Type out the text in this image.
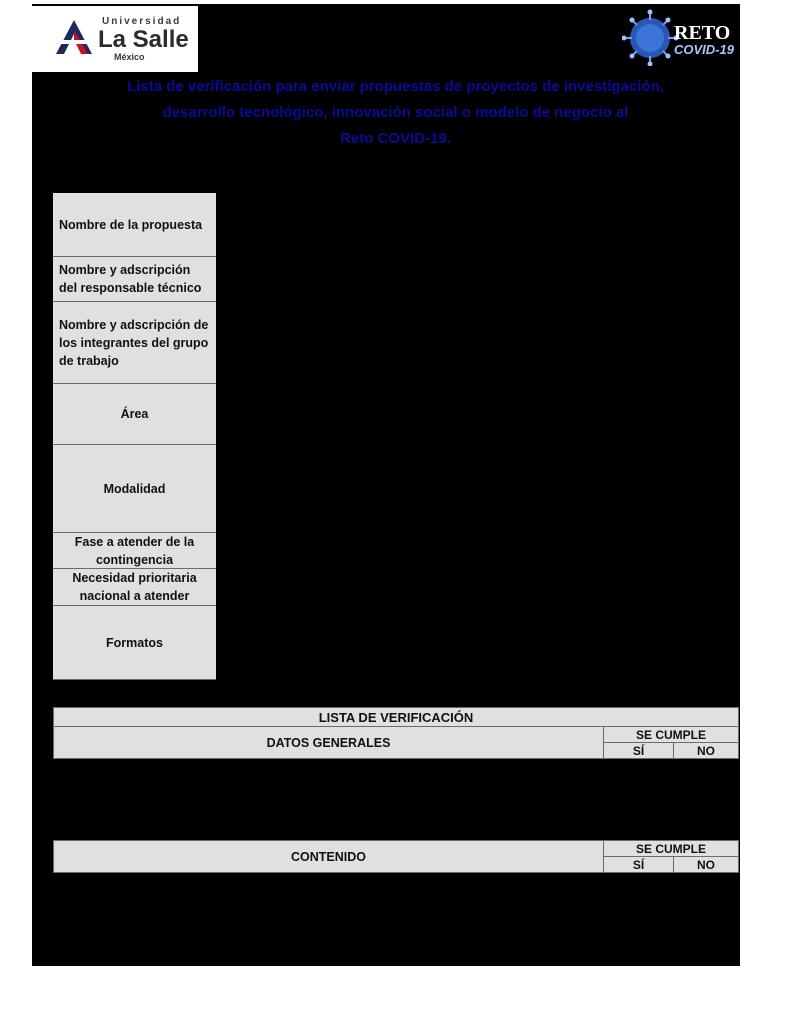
Universidad
La Salle
México
RETO
COVID-19
Lista de verificación para enviar propuestas de proyectos de investigación,
desarrollo tecnológico, innovación social o modelo de negocio al
Reto COVID-19.
Nombre de la propuesta
Nombre y adscripción del responsable técnico
Nombre y adscripción de los integrantes del grupo de trabajo
Área
Modalidad
Fase a atender de la contingencia
Necesidad prioritaria nacional a atender
Formatos
LISTA DE VERIFICACIÓN
DATOS GENERALES
SE CUMPLE
SÍ	NO
CONTENIDO
SE CUMPLE
SÍ	NO
